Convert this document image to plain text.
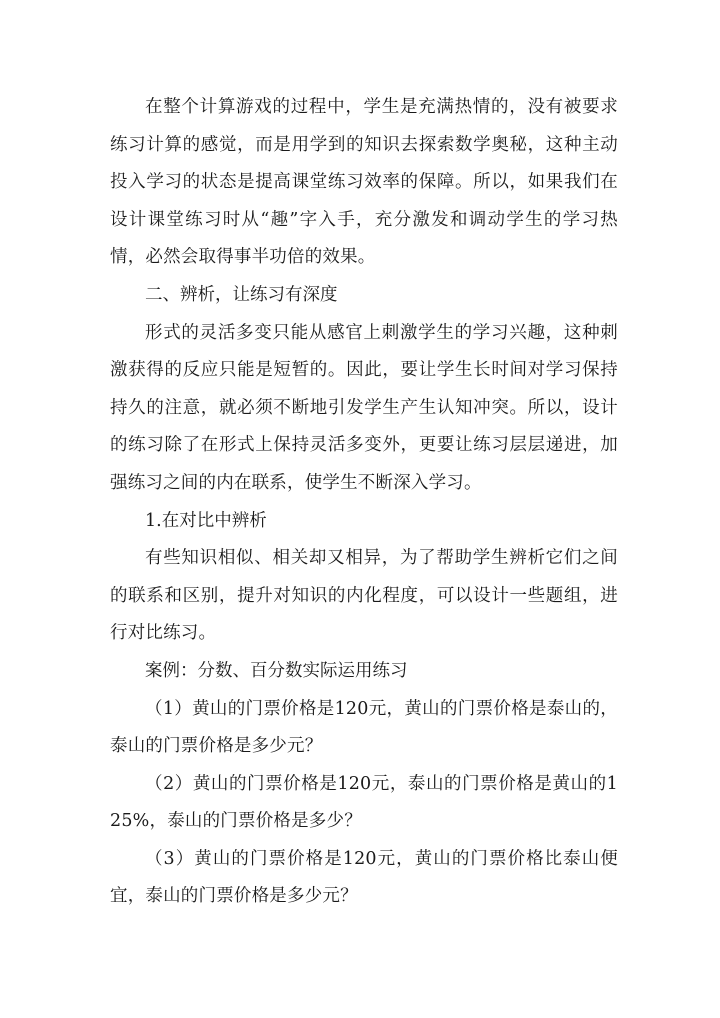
在整个计算游戏的过程中，学生是充满热情的，没有被要求练习计算的感觉，而是用学到的知识去探索数学奥秘，这种主动投入学习的状态是提高课堂练习效率的保障。所以，如果我们在设计课堂练习时从“趣”字入手，充分激发和调动学生的学习热情，必然会取得事半功倍的效果。

二、辨析，让练习有深度

形式的灵活多变只能从感官上刺激学生的学习兴趣，这种刺激获得的反应只能是短暂的。因此，要让学生长时间对学习保持持久的注意，就必须不断地引发学生产生认知冲突。所以，设计的练习除了在形式上保持灵活多变外，更要让练习层层递进，加强练习之间的内在联系，使学生不断深入学习。

1.在对比中辨析

有些知识相似、相关却又相异，为了帮助学生辨析它们之间的联系和区别，提升对知识的内化程度，可以设计一些题组，进行对比练习。

案例：分数、百分数实际运用练习

（1）黄山的门票价格是120元，黄山的门票价格是泰山的，泰山的门票价格是多少元？

（2）黄山的门票价格是120元，泰山的门票价格是黄山的125%，泰山的门票价格是多少？

（3）黄山的门票价格是120元，黄山的门票价格比泰山便宜，泰山的门票价格是多少元？
